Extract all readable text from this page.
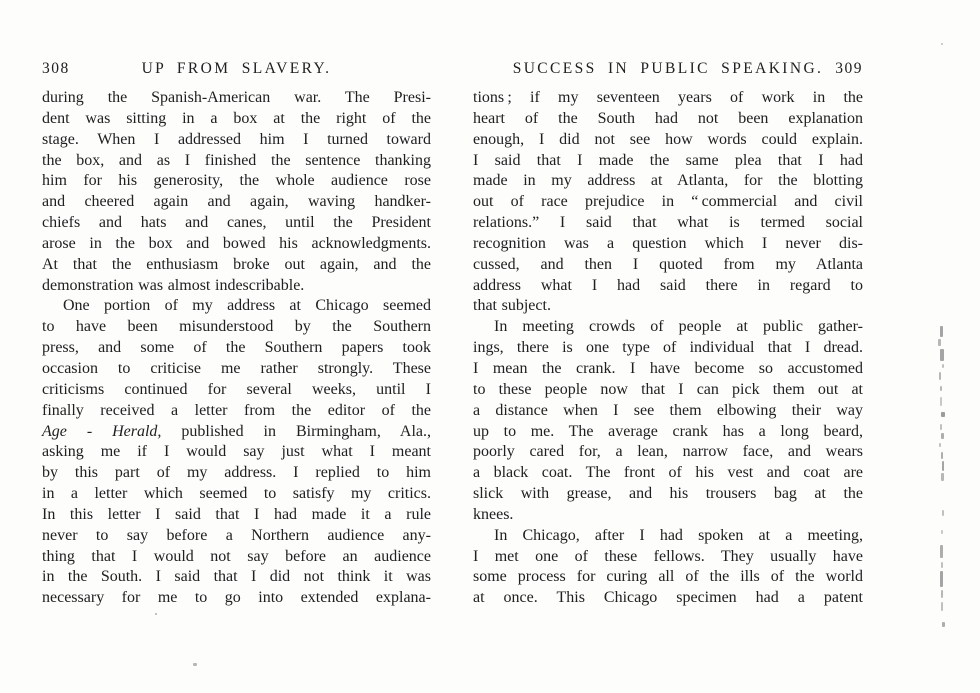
308	UP FROM SLAVERY.
during the Spanish-American war. The Presi-
dent was sitting in a box at the right of the
stage. When I addressed him I turned toward
the box, and as I finished the sentence thanking
him for his generosity, the whole audience rose
and cheered again and again, waving handker-
chiefs and hats and canes, until the President
arose in the box and bowed his acknowledgments.
At that the enthusiasm broke out again, and the
demonstration was almost indescribable.
One portion of my address at Chicago seemed
to have been misunderstood by the Southern
press, and some of the Southern papers took
occasion to criticise me rather strongly. These
criticisms continued for several weeks, until I
finally received a letter from the editor of the
Age - Herald, published in Birmingham, Ala.,
asking me if I would say just what I meant
by this part of my address. I replied to him
in a letter which seemed to satisfy my critics.
In this letter I said that I had made it a rule
never to say before a Northern audience any-
thing that I would not say before an audience
in the South. I said that I did not think it was
necessary for me to go into extended explana-
SUCCESS IN PUBLIC SPEAKING. 309
tions ; if my seventeen years of work in the
heart of the South had not been explanation
enough, I did not see how words could explain.
I said that I made the same plea that I had
made in my address at Atlanta, for the blotting
out of race prejudice in “ commercial and civil
relations.” I said that what is termed social
recognition was a question which I never dis-
cussed, and then I quoted from my Atlanta
address what I had said there in regard to
that subject.
In meeting crowds of people at public gather-
ings, there is one type of individual that I dread.
I mean the crank. I have become so accustomed
to these people now that I can pick them out at
a distance when I see them elbowing their way
up to me. The average crank has a long beard,
poorly cared for, a lean, narrow face, and wears
a black coat. The front of his vest and coat are
slick with grease, and his trousers bag at the
knees.
In Chicago, after I had spoken at a meeting,
I met one of these fellows. They usually have
some process for curing all of the ills of the world
at once. This Chicago specimen had a patent
